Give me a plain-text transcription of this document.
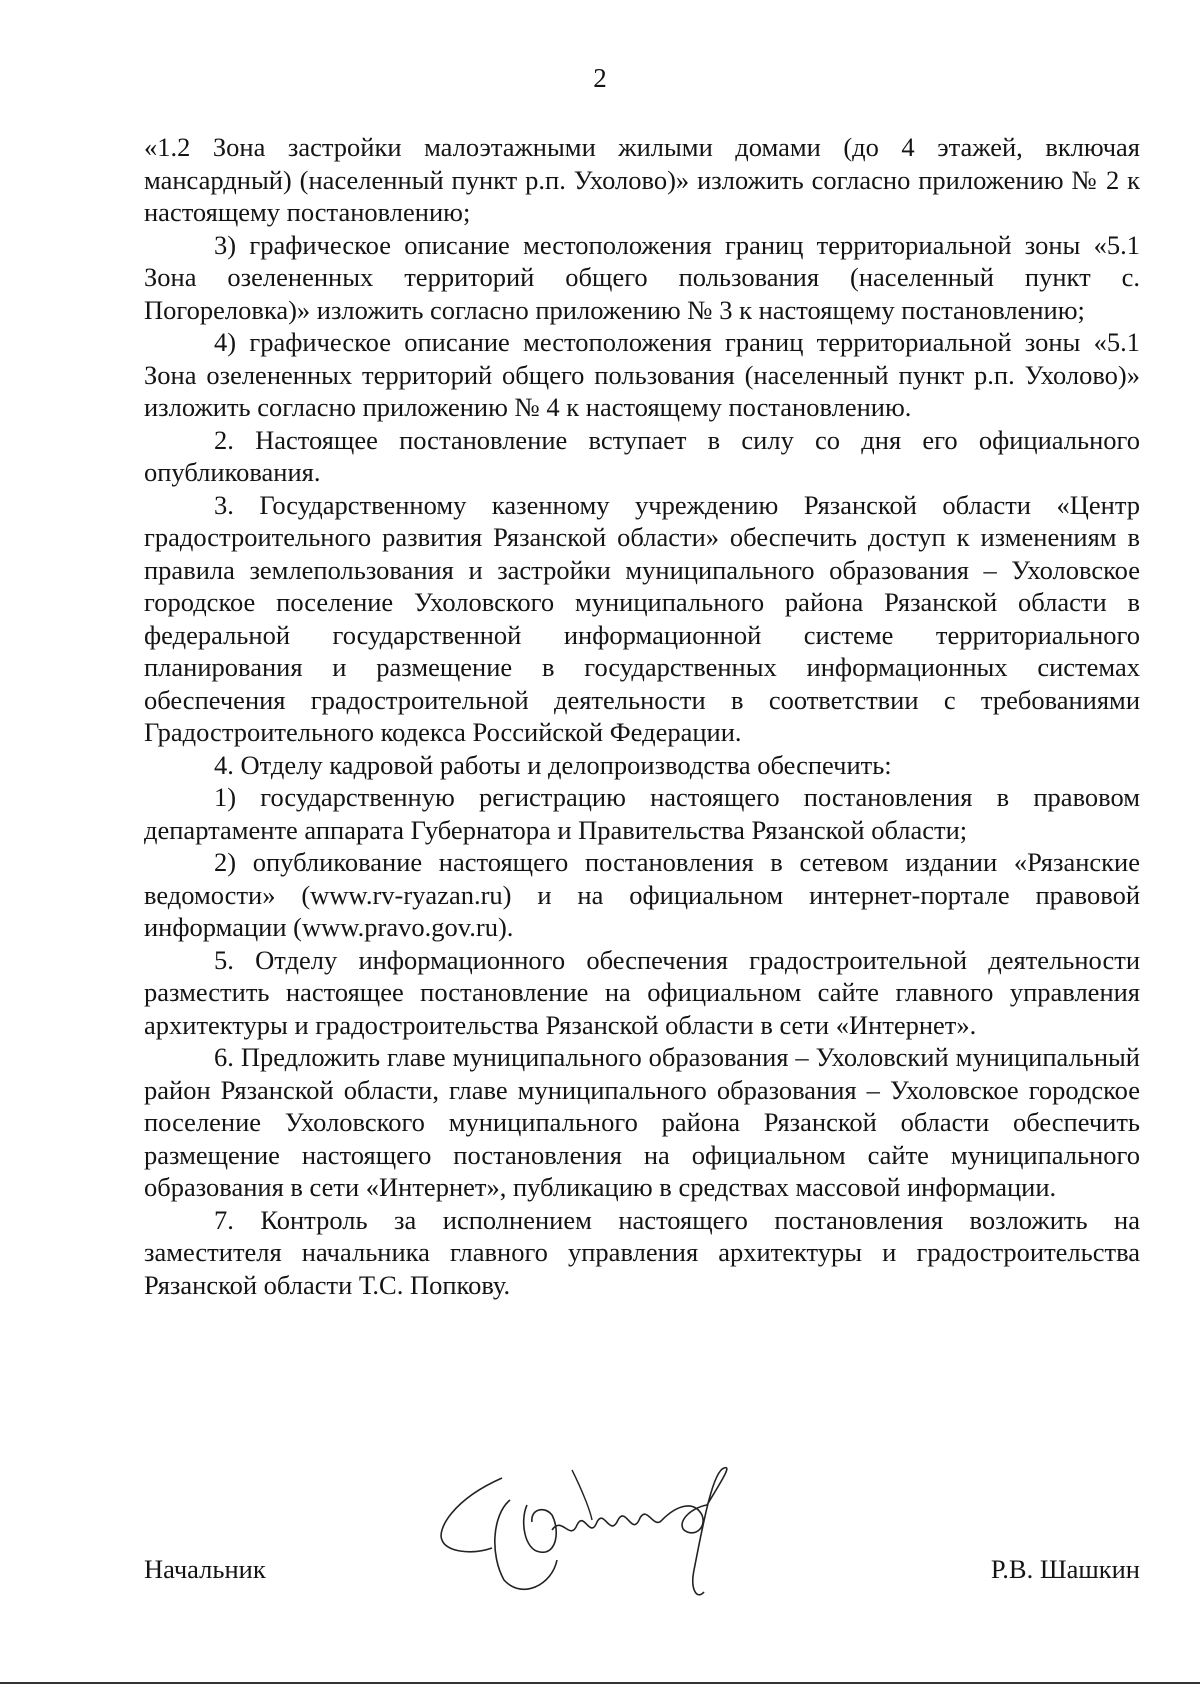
2

«1.2 Зона застройки малоэтажными жилыми домами (до 4 этажей, включая мансардный) (населенный пункт р.п. Ухолово)» изложить согласно приложению № 2 к настоящему постановлению;

3) графическое описание местоположения границ территориальной зоны «5.1 Зона озелененных территорий общего пользования (населенный пункт с. Погореловка)» изложить согласно приложению № 3 к настоящему постановлению;

4) графическое описание местоположения границ территориальной зоны «5.1 Зона озелененных территорий общего пользования (населенный пункт р.п. Ухолово)» изложить согласно приложению № 4 к настоящему постановлению.

2. Настоящее постановление вступает в силу со дня его официального опубликования.

3. Государственному казенному учреждению Рязанской области «Центр градостроительного развития Рязанской области» обеспечить доступ к изменениям в правила землепользования и застройки муниципального образования – Ухоловское городское поселение Ухоловского муниципального района Рязанской области в федеральной государственной информационной системе территориального планирования и размещение в государственных информационных системах обеспечения градостроительной деятельности в соответствии с требованиями Градостроительного кодекса Российской Федерации.

4. Отделу кадровой работы и делопроизводства обеспечить:

1) государственную регистрацию настоящего постановления в правовом департаменте аппарата Губернатора и Правительства Рязанской области;

2) опубликование настоящего постановления в сетевом издании «Рязанские ведомости» (www.rv-ryazan.ru) и на официальном интернет-портале правовой информации (www.pravo.gov.ru).

5. Отделу информационного обеспечения градостроительной деятельности разместить настоящее постановление на официальном сайте главного управления архитектуры и градостроительства Рязанской области в сети «Интернет».

6. Предложить главе муниципального образования – Ухоловский муниципальный район Рязанской области, главе муниципального образования – Ухоловское городское поселение Ухоловского муниципального района Рязанской области обеспечить размещение настоящего постановления на официальном сайте муниципального образования в сети «Интернет», публикацию в средствах массовой информации.

7. Контроль за исполнением настоящего постановления возложить на заместителя начальника главного управления архитектуры и градостроительства Рязанской области Т.С. Попкову.

Начальник	Р.В. Шашкин
